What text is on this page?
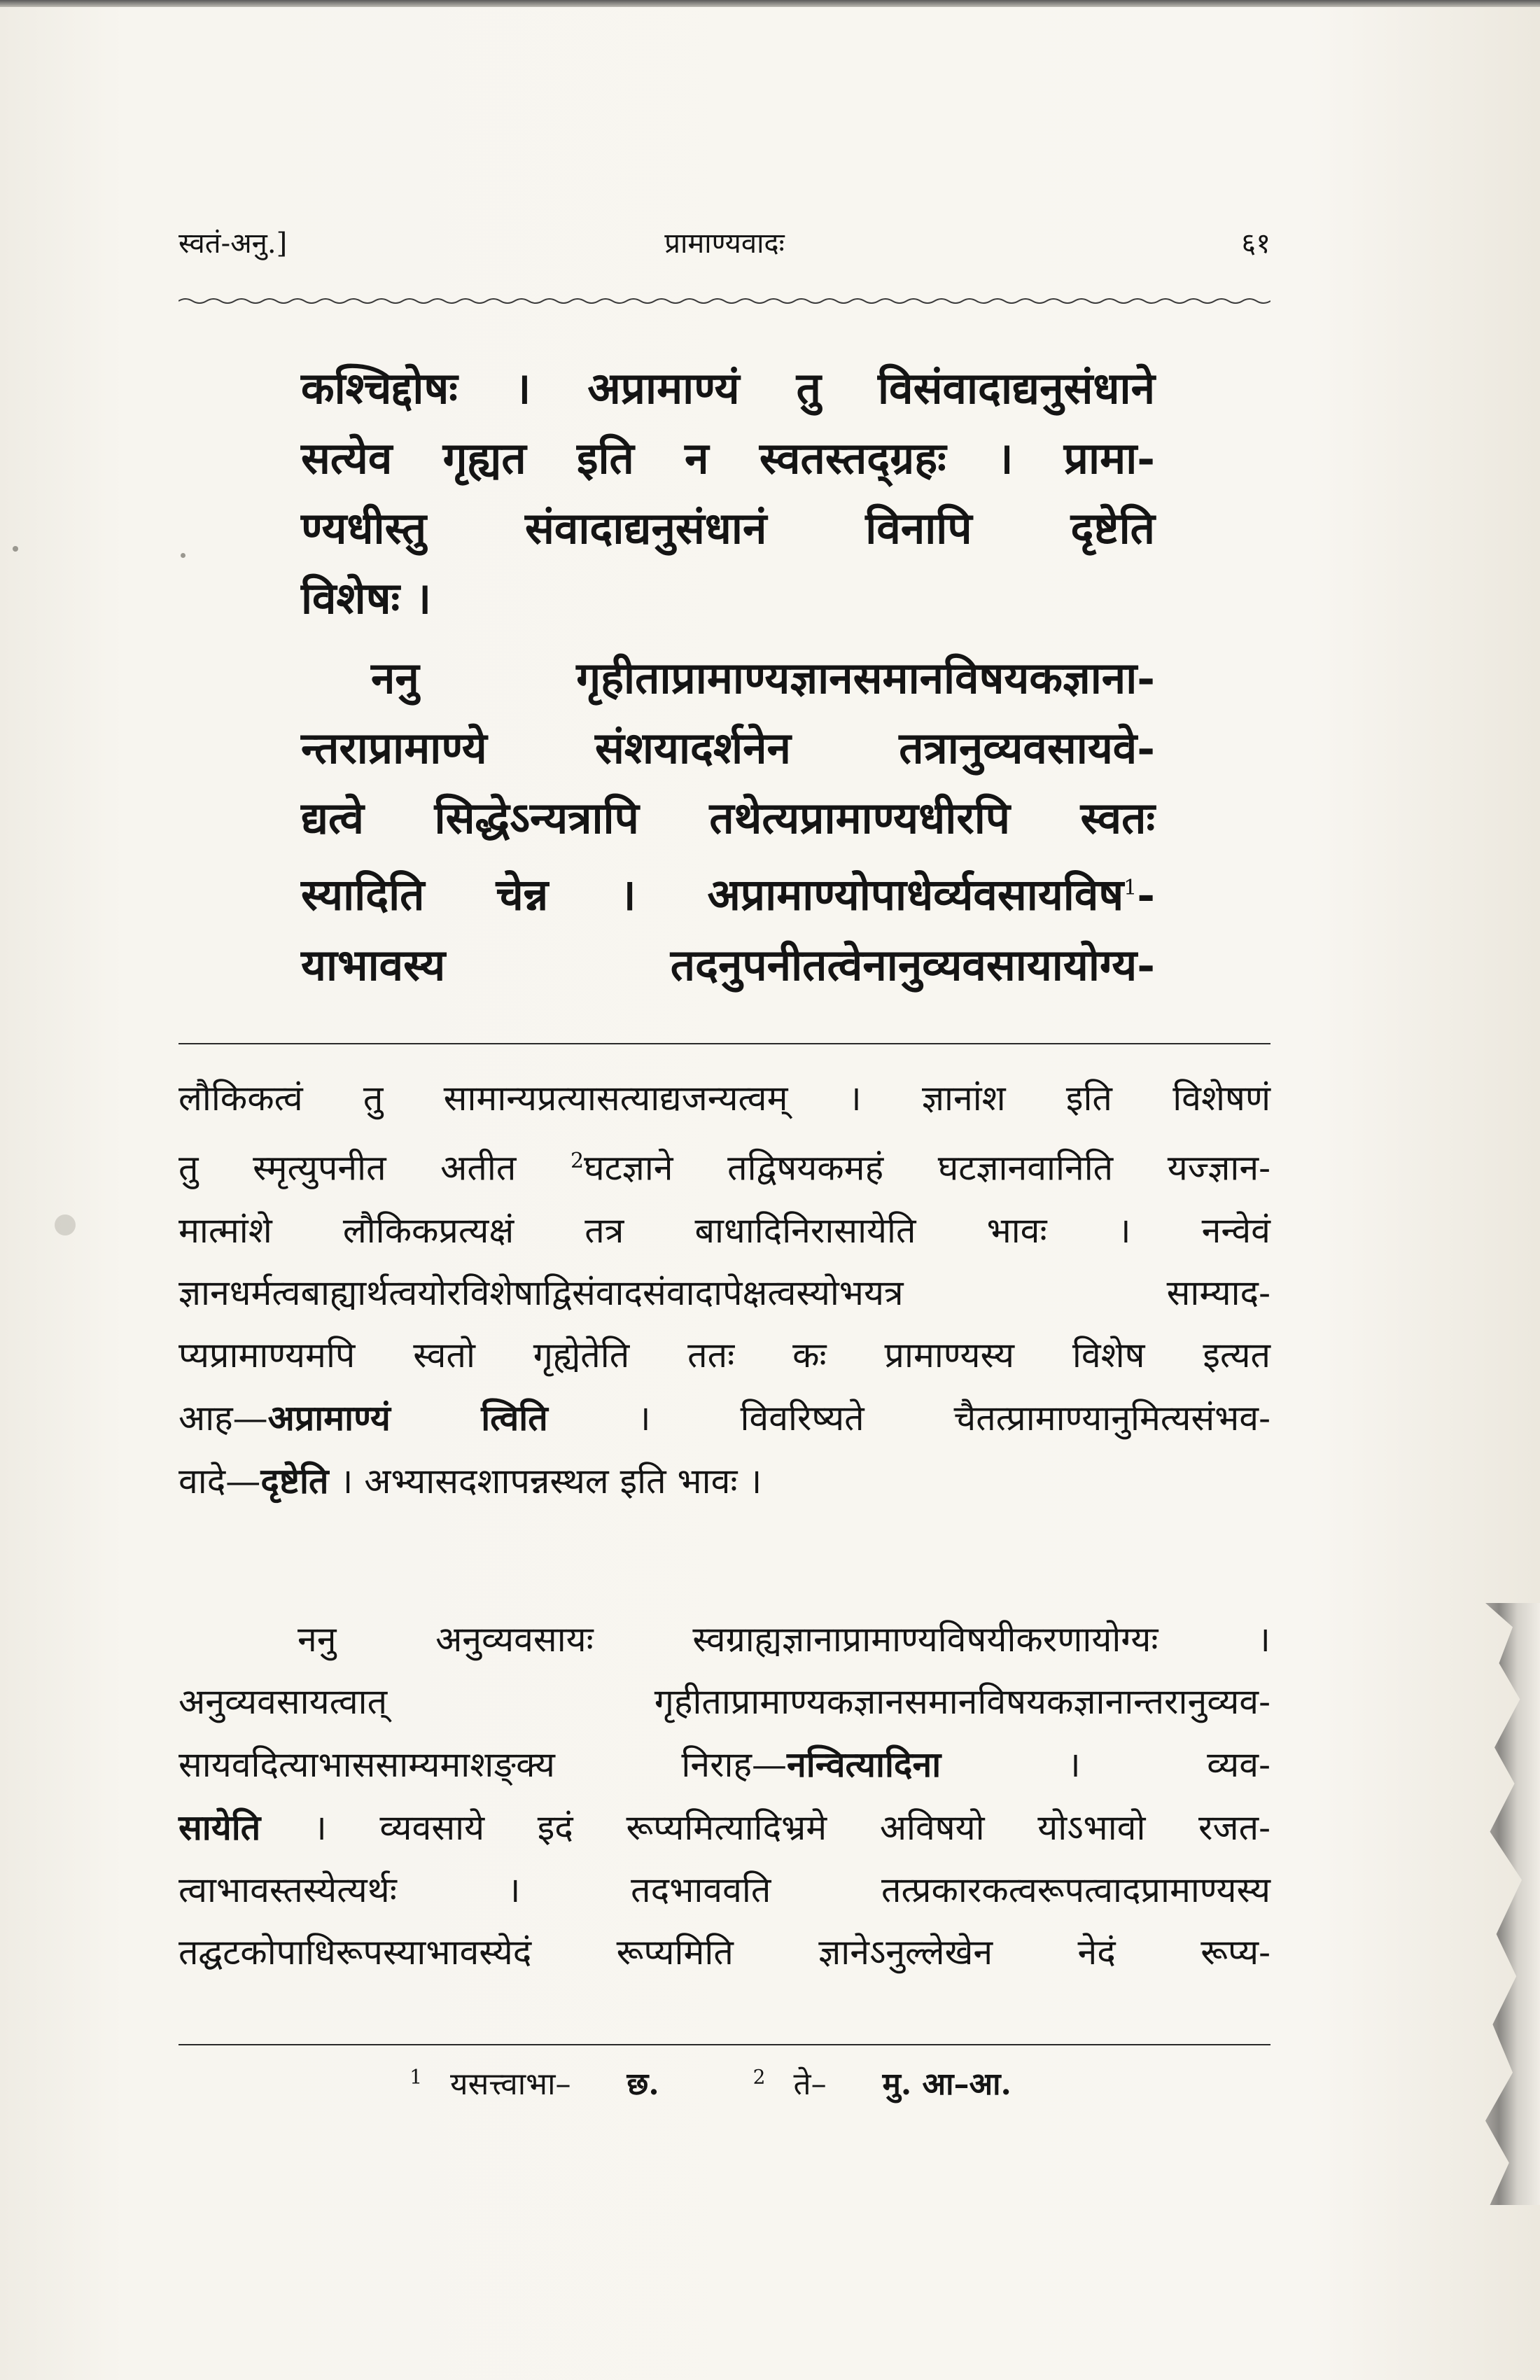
स्वतं-अनु.]	प्रामाण्यवादः	६१

कश्चिद्दोषः । अप्रामाण्यं तु विसंवादाद्यनुसंधाने

सत्येव गृह्यत इति न स्वतस्तद्ग्रहः । प्रामा-

ण्यधीस्तु संवादाद्यनुसंधानं विनापि दृष्टेति

विशेषः ।

ननु गृहीताप्रामाण्यज्ञानसमानविषयकज्ञाना-

न्तराप्रामाण्ये संशयादर्शनेन तत्रानुव्यवसायवे-

द्यत्वे सिद्धेऽन्यत्रापि तथेत्यप्रामाण्यधीरपि स्वतः

स्यादिति चेन्न । अप्रामाण्योपाधेर्व्यवसायविष$^1$-

याभावस्य तदनुपनीतत्वेनानुव्यवसायायोग्य-

लौकिकत्वं तु सामान्यप्रत्यासत्याद्यजन्यत्वम् । ज्ञानांश इति विशेषणं

तु स्मृत्युपनीत अतीत	$^2$घटज्ञाने तद्विषयकमहं घटज्ञानवानिति यज्ज्ञान-

मात्मांशे लौकिकप्रत्यक्षं तत्र बाधादिनिरासायेति भावः । नन्वेवं

ज्ञानधर्मत्वबाह्यार्थत्वयोरविशेषाद्विसंवादसंवादापेक्षत्वस्योभयत्र साम्याद-

प्यप्रामाण्यमपि स्वतो गृह्येतेति ततः कः प्रामाण्यस्य विशेष इत्यत

आह—अप्रामाण्यं त्विति । विवरिष्यते चैतत्प्रामाण्यानुमित्यसंभव-

वादे—दृष्टेति । अभ्यासदशापन्नस्थल इति भावः ।

ननु अनुव्यवसायः स्वग्राह्यज्ञानाप्रामाण्यविषयीकरणायोग्यः ।

अनुव्यवसायत्वात् गृहीताप्रामाण्यकज्ञानसमानविषयकज्ञानान्तरानुव्यव-

सायवदित्याभाससाम्यमाशङ्क्य निराह—नन्वित्यादिना । व्यव-

सायेति । व्यवसाये इदं रूप्यमित्यादिभ्रमे अविषयो योऽभावो रजत-

त्वाभावस्तस्येत्यर्थः । तदभाववति तत्प्रकारकत्वरूपत्वादप्रामाण्यस्य

तद्घटकोपाधिरूपस्याभावस्येदं रूप्यमिति ज्ञानेऽनुल्लेखेन नेदं रूप्य-

$^1$ यसत्त्वाभा– छ.	$^2$ ते– मु. आ–आ.
